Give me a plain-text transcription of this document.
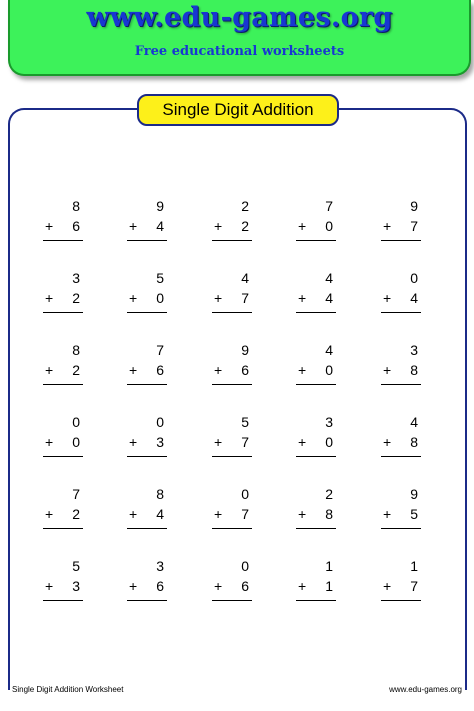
www.edu-games.org
Free educational worksheets
Single Digit Addition
8
+ 6
9
+ 4
2
+ 2
7
+ 0
9
+ 7
3
+ 2
5
+ 0
4
+ 7
4
+ 4
0
+ 4
8
+ 2
7
+ 6
9
+ 6
4
+ 0
3
+ 8
0
+ 0
0
+ 3
5
+ 7
3
+ 0
4
+ 8
7
+ 2
8
+ 4
0
+ 7
2
+ 8
9
+ 5
5
+ 3
3
+ 6
0
+ 6
1
+ 1
1
+ 7
Single Digit Addition Worksheet	www.edu-games.org
